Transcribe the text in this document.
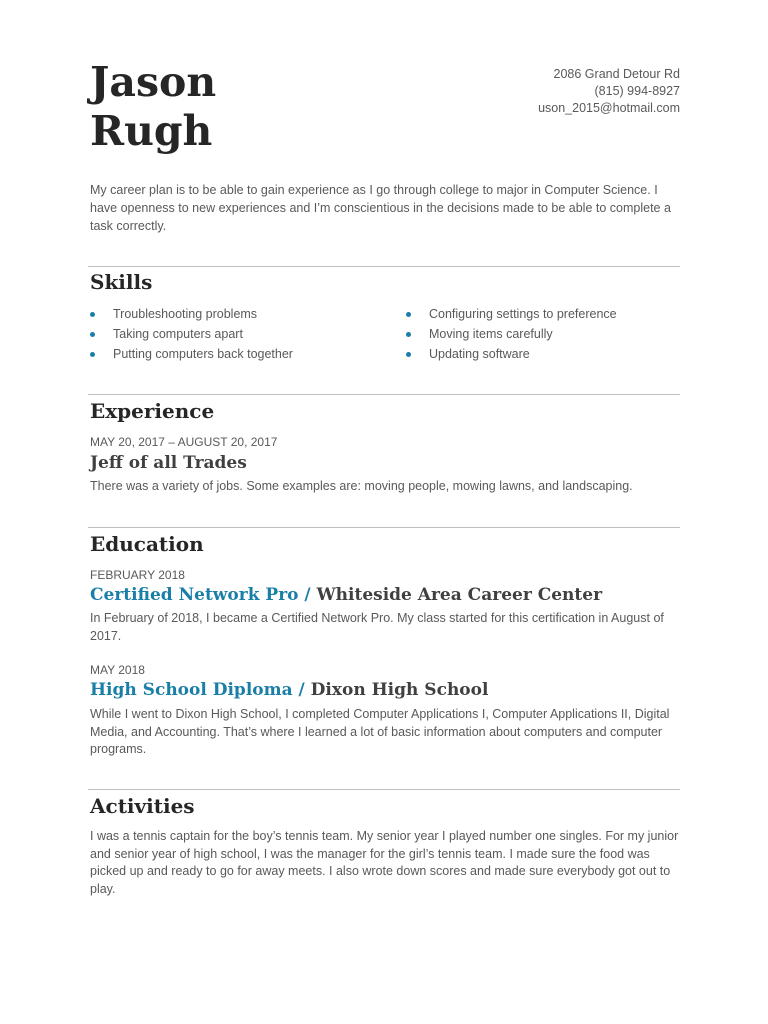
Jason
Rugh
2086 Grand Detour Rd
(815) 994-8927
uson_2015@hotmail.com
My career plan is to be able to gain experience as I go through college to major in Computer Science. I have openness to new experiences and I’m conscientious in the decisions made to be able to complete a task correctly.
Skills
Troubleshooting problems
Taking computers apart
Putting computers back together
Configuring settings to preference
Moving items carefully
Updating software
Experience
MAY 20, 2017 – AUGUST 20, 2017
Jeff of all Trades
There was a variety of jobs. Some examples are: moving people, mowing lawns, and landscaping.
Education
FEBRUARY 2018
Certified Network Pro / Whiteside Area Career Center
In February of 2018, I became a Certified Network Pro. My class started for this certification in August of 2017.
MAY 2018
High School Diploma / Dixon High School
While I went to Dixon High School, I completed Computer Applications I, Computer Applications II, Digital Media, and Accounting. That’s where I learned a lot of basic information about computers and computer programs.
Activities
I was a tennis captain for the boy’s tennis team. My senior year I played number one singles. For my junior and senior year of high school, I was the manager for the girl’s tennis team. I made sure the food was picked up and ready to go for away meets. I also wrote down scores and made sure everybody got out to play.
